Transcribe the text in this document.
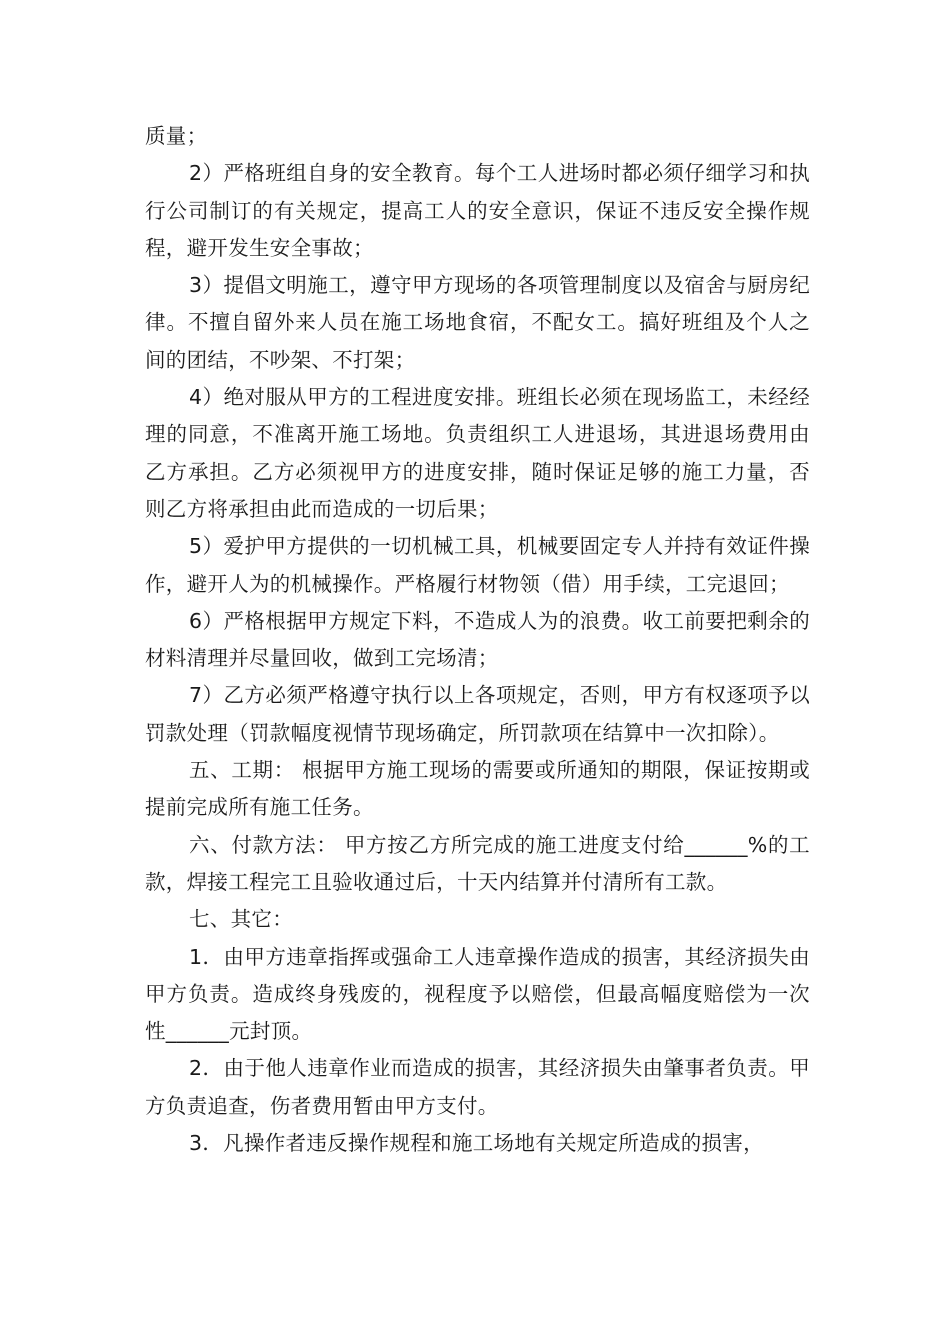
质量；

2）严格班组自身的安全教育。每个工人进场时都必须仔细学习和执行公司制订的有关规定，提高工人的安全意识，保证不违反安全操作规程，避开发生安全事故；

3）提倡文明施工，遵守甲方现场的各项管理制度以及宿舍与厨房纪律。不擅自留外来人员在施工场地食宿，不配女工。搞好班组及个人之间的团结，不吵架、不打架；

4）绝对服从甲方的工程进度安排。班组长必须在现场监工，未经经理的同意，不准离开施工场地。负责组织工人进退场，其进退场费用由乙方承担。乙方必须视甲方的进度安排，随时保证足够的施工力量，否则乙方将承担由此而造成的一切后果；

5）爱护甲方提供的一切机械工具，机械要固定专人并持有效证件操作，避开人为的机械操作。严格履行材物领（借）用手续，工完退回；

6）严格根据甲方规定下料，不造成人为的浪费。收工前要把剩余的材料清理并尽量回收，做到工完场清；

7）乙方必须严格遵守执行以上各项规定，否则，甲方有权逐项予以罚款处理（罚款幅度视情节现场确定，所罚款项在结算中一次扣除）。

五、工期： 根据甲方施工现场的需要或所通知的期限，保证按期或提前完成所有施工任务。

六、付款方法： 甲方按乙方所完成的施工进度支付给______%的工款，焊接工程完工且验收通过后，十天内结算并付清所有工款。

七、其它：

1．由甲方违章指挥或强命工人违章操作造成的损害，其经济损失由甲方负责。造成终身残废的，视程度予以赔偿，但最高幅度赔偿为一次性______元封顶。

2．由于他人违章作业而造成的损害，其经济损失由肇事者负责。甲方负责追查，伤者费用暂由甲方支付。

3．凡操作者违反操作规程和施工场地有关规定所造成的损害，
